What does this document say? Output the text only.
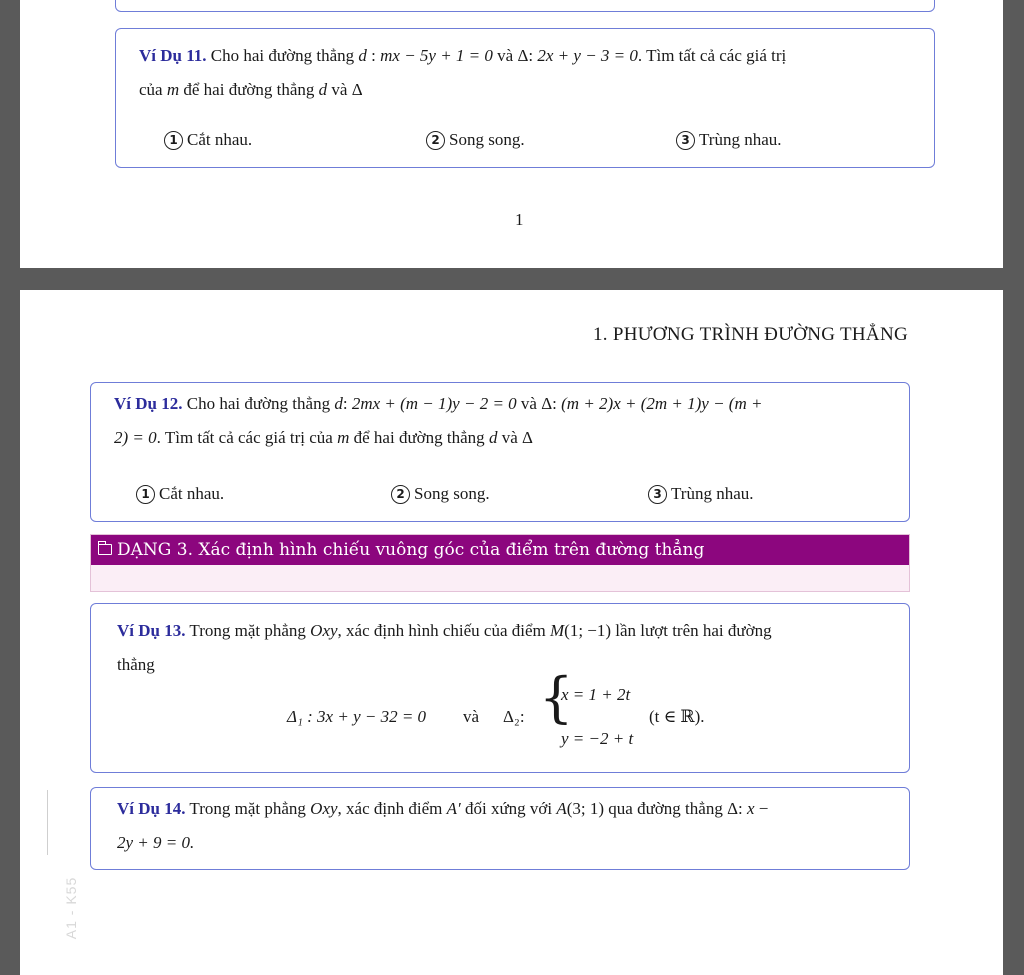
Ví Dụ 11. Cho hai đường thẳng d : mx − 5y + 1 = 0 và Δ: 2x + y − 3 = 0. Tìm tất cả các giá trị
của m để hai đường thẳng d và Δ
1 Cắt nhau.	2 Song song.	3 Trùng nhau.
1
1. PHƯƠNG TRÌNH ĐƯỜNG THẲNG
Ví Dụ 12. Cho hai đường thẳng d: 2mx + (m − 1)y − 2 = 0 và Δ: (m + 2)x + (2m + 1)y − (m +
2) = 0. Tìm tất cả các giá trị của m để hai đường thẳng d và Δ
1 Cắt nhau.	2 Song song.	3 Trùng nhau.
DẠNG 3. Xác định hình chiếu vuông góc của điểm trên đường thẳng
Ví Dụ 13. Trong mặt phẳng Oxy, xác định hình chiếu của điểm M(1; −1) lần lượt trên hai đường
thẳng
Δ₁ : 3x + y − 32 = 0 và Δ₂: {
x = 1 + 2t
y = −2 + t
(t ∈ ℝ).
Ví Dụ 14. Trong mặt phẳng Oxy, xác định điểm A′ đối xứng với A(3; 1) qua đường thẳng Δ: x −
2y + 9 = 0.
A1 - K55
